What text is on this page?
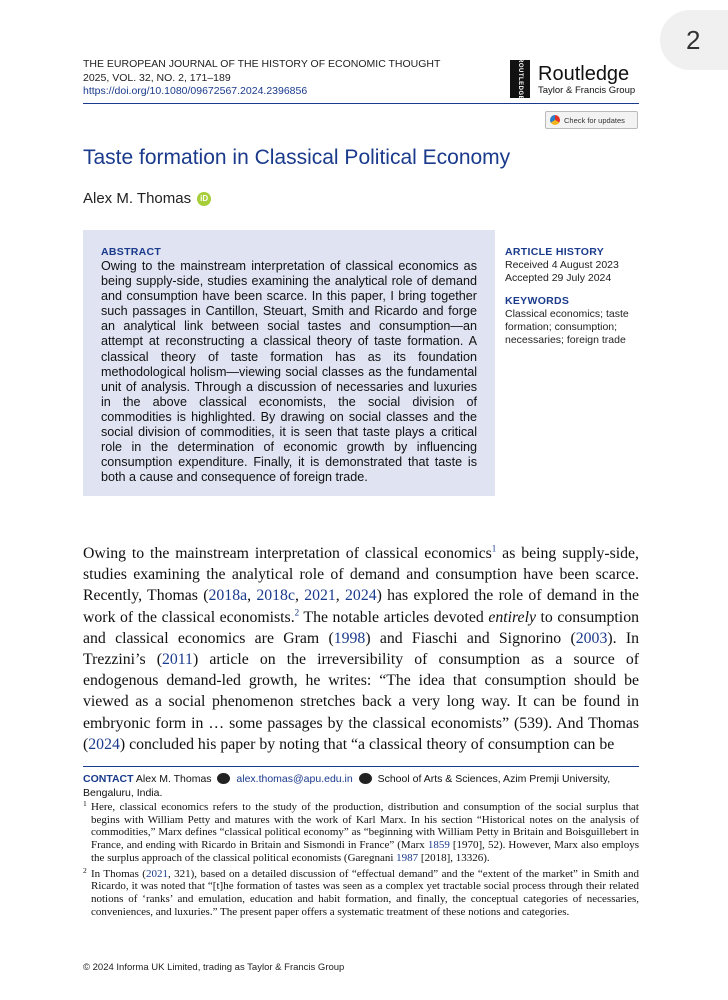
2
THE EUROPEAN JOURNAL OF THE HISTORY OF ECONOMIC THOUGHT
2025, VOL. 32, NO. 2, 171–189
https://doi.org/10.1080/09672567.2024.2396856	ROUTLEDGE Routledge
Taylor & Francis Group
Check for updates
Taste formation in Classical Political Economy
Alex M. Thomas	iD
ABSTRACT
Owing to the mainstream interpretation of classical economics as being supply-side, studies examining the analytical role of demand and consumption have been scarce. In this paper, I bring together such passages in Cantillon, Steuart, Smith and Ricardo and forge an analytical link between social tastes and consumption—an attempt at reconstructing a classical theory of taste formation. A classical theory of taste formation has as its foundation methodological holism—viewing social classes as the fundamental unit of analysis. Through a discussion of necessaries and luxuries in the above classical economists, the social division of commodities is highlighted. By drawing on social classes and the social division of commodities, it is seen that taste plays a critical role in the determination of economic growth by influencing consumption expenditure. Finally, it is demonstrated that taste is both a cause and consequence of foreign trade.
ARTICLE HISTORY
Received 4 August 2023
Accepted 29 July 2024
KEYWORDS
Classical economics; taste formation; consumption; necessaries; foreign trade
Owing to the mainstream interpretation of classical economics$^1$ as being supply-side, studies examining the analytical role of demand and consumption have been scarce. Recently, Thomas (2018a, 2018c, 2021, 2024) has explored the role of demand in the work of the classical economists.$^2$ The notable articles devoted entirely to consumption and classical economics are Gram (1998) and Fiaschi and Signorino (2003). In Trezzini’s (2011) article on the irreversibility of consumption as a source of endogenous demand-led growth, he writes: “The idea that consumption should be viewed as a social phenomenon stretches back a very long way. It can be found in embryonic form in … some passages by the classical economists” (539). And Thomas (2024) concluded his paper by noting that “a classical theory of consumption can be
CONTACT Alex M. Thomas alex.thomas@apu.edu.in School of Arts & Sciences, Azim Premji University, Bengaluru, India.
1 Here, classical economics refers to the study of the production, distribution and consumption of the social surplus that begins with William Petty and matures with the work of Karl Marx. In his section “Historical notes on the analysis of commodities,” Marx defines “classical political economy” as “beginning with William Petty in Britain and Boisguillebert in France, and ending with Ricardo in Britain and Sismondi in France” (Marx 1859 [1970], 52). However, Marx also employs the surplus approach of the classical political economists (Garegnani 1987 [2018], 13326).
2 In Thomas (2021, 321), based on a detailed discussion of “effectual demand” and the “extent of the market” in Smith and Ricardo, it was noted that “[t]he formation of tastes was seen as a complex yet tractable social process through their related notions of ‘ranks’ and emulation, education and habit formation, and finally, the conceptual categories of necessaries, conveniences, and luxuries.” The present paper offers a systematic treatment of these notions and categories.
© 2024 Informa UK Limited, trading as Taylor & Francis Group
